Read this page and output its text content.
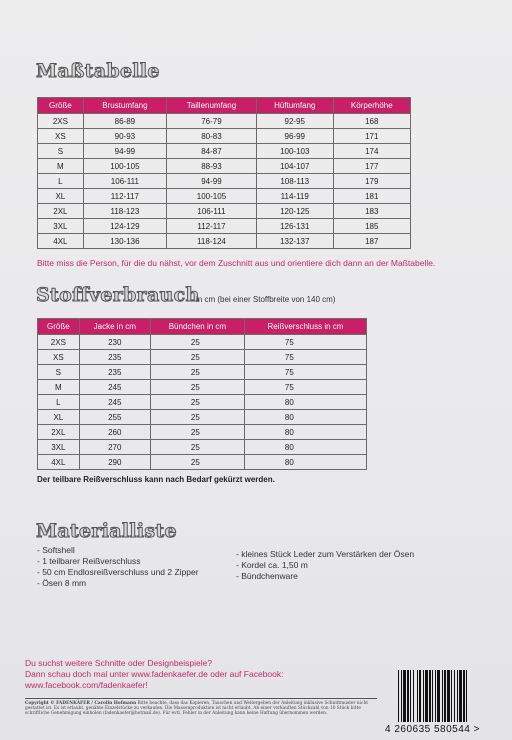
Maßtabelle
Größe	Brustumfang	Taillenumfang	Hüftumfang	Körperhöhe
2XS	86-89	76-79	92-95	168
XS	90-93	80-83	96-99	171
S	94-99	84-87	100-103	174
M	100-105	88-93	104-107	177
L	106-111	94-99	108-113	179
XL	112-117	100-105	114-119	181
2XL	118-123	106-111	120-125	183
3XL	124-129	112-117	126-131	185
4XL	130-136	118-124	132-137	187
Bitte miss die Person, für die du nähst, vor dem Zuschnitt aus und orientiere dich dann an der Maßtabelle.
Stoffverbrauch
in cm (bei einer Stoffbreite von 140 cm)
Größe	Jacke in cm	Bündchen in cm	Reißverschluss in cm
2XS	230	25	75
XS	235	25	75
S	235	25	75
M	245	25	75
L	245	25	80
XL	255	25	80
2XL	260	25	80
3XL	270	25	80
4XL	290	25	80
Der teilbare Reißverschluss kann nach Bedarf gekürzt werden.
Materialliste
- Softshell
- 1 teilbarer Reißverschluss
- 50 cm Endlosreißverschluss und 2 Zipper
- Ösen 8 mm
- kleines Stück Leder zum Verstärken der Ösen
- Kordel ca. 1,50 m
- Bündchenware
Du suchst weitere Schnitte oder Designbeispiele?
Dann schau doch mal unter www.fadenkaefer.de oder auf Facebook:
www.facebook.com/fadenkaefer!
Copyright © FADENKÄFER / Carolin Hofmann Bitte beachte, dass das Kopieren, Tauschen und Weitergeben der Anleitung inklusive Schnittmuster nicht gestattet ist. Es ist erlaubt, genähte Einzelstücke zu verkaufen. Die Massenproduktion ist nicht erlaubt. Ab einer verkauften Stückzahl von 10 Stück bitte schriftliche Genehmigung einholen (fadenkaefer@hotmail.de). Für evtl. Fehler in der Anleitung kann keine Haftung übernommen werden.
4 260635 580544 >
